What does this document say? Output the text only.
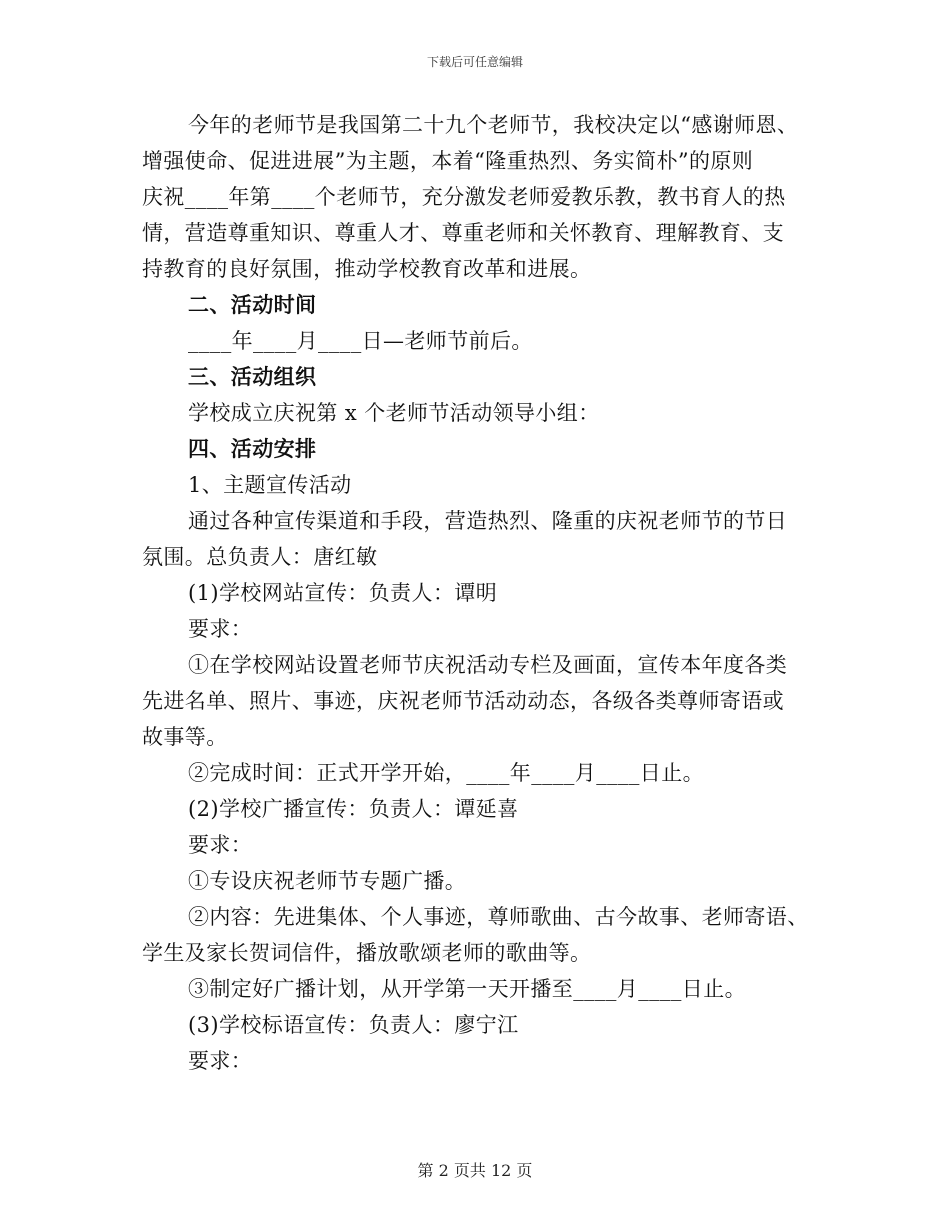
下载后可任意编辑
今年的老师节是我国第二十九个老师节，我校决定以“感谢师恩、
增强使命、促进进展”为主题，本着“隆重热烈、务实简朴”的原则
庆祝____年第____个老师节，充分激发老师爱教乐教，教书育人的热
情，营造尊重知识、尊重人才、尊重老师和关怀教育、理解教育、支
持教育的良好氛围，推动学校教育改革和进展。
二、活动时间
____年____月____日—老师节前后。
三、活动组织
学校成立庆祝第 x 个老师节活动领导小组：
四、活动安排
1、主题宣传活动
通过各种宣传渠道和手段，营造热烈、隆重的庆祝老师节的节日
氛围。总负责人：唐红敏
(1)学校网站宣传：负责人：谭明
要求：
①在学校网站设置老师节庆祝活动专栏及画面，宣传本年度各类
先进名单、照片、事迹，庆祝老师节活动动态，各级各类尊师寄语或
故事等。
②完成时间：正式开学开始，____年____月____日止。
(2)学校广播宣传：负责人：谭延喜
要求：
①专设庆祝老师节专题广播。
②内容：先进集体、个人事迹，尊师歌曲、古今故事、老师寄语、
学生及家长贺词信件，播放歌颂老师的歌曲等。
③制定好广播计划，从开学第一天开播至____月____日止。
(3)学校标语宣传：负责人：廖宁江
要求：
第 2 页共 12 页
